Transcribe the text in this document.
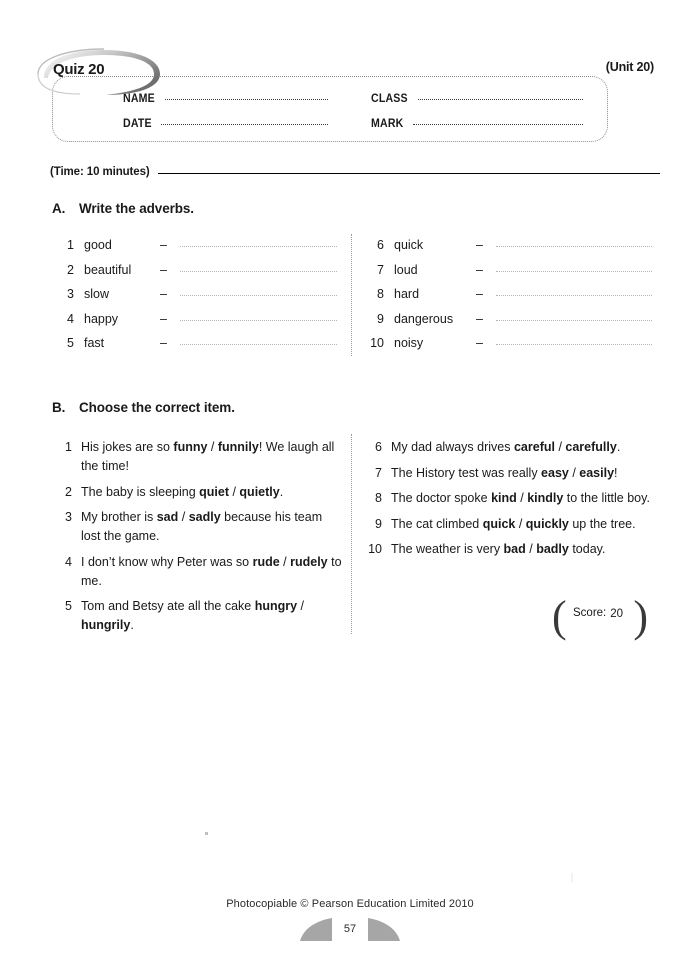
(Unit 20)
NAME
DATE
CLASS
MARK
Quiz 20
(Time: 10 minutes)
A. Write the adverbs.
1 good	–
2 beautiful	–
3 slow	–
4 happy	–
5 fast	–
6 quick	–
7 loud	–
8 hard	–
9 dangerous	–
10 noisy	–
B. Choose the correct item.
1 His jokes are so funny / funnily! We laugh all the time!
2 The baby is sleeping quiet / quietly.
3 My brother is sad / sadly because his team lost the game.
4 I don’t know why Peter was so rude / rudely to me.
5 Tom and Betsy ate all the cake hungry / hungrily.
6 My dad always drives careful / carefully.
7 The History test was really easy / easily!
8 The doctor spoke kind / kindly to the little boy.
9 The cat climbed quick / quickly up the tree.
10 The weather is very bad / badly today.
( )
Score: 20
Photocopiable © Pearson Education Limited 2010
57
